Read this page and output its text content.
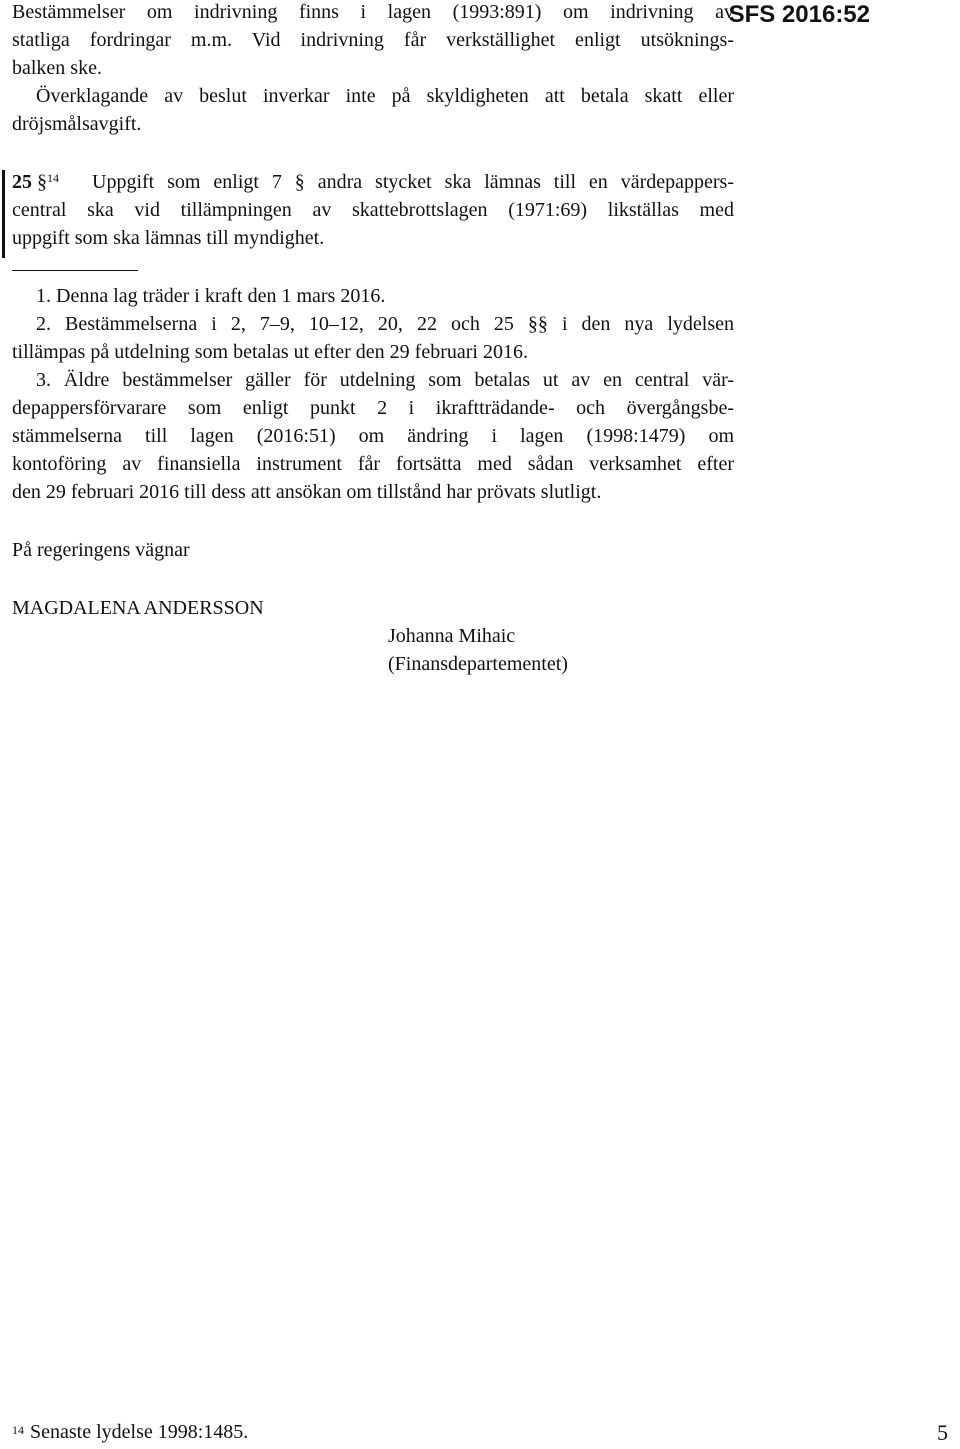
SFS 2016:52
Bestämmelser om indrivning finns i lagen (1993:891) om indrivning av
statliga fordringar m.m. Vid indrivning får verkställighet enligt utsöknings-
balken ske.
Överklagande av beslut inverkar inte på skyldigheten att betala skatt eller
dröjsmålsavgift.
25 §$^{14}$ Uppgift som enligt 7 § andra stycket ska lämnas till en värdepappers-
central ska vid tillämpningen av skattebrottslagen (1971:69) likställas med
uppgift som ska lämnas till myndighet.
1. Denna lag träder i kraft den 1 mars 2016.
2. Bestämmelserna i 2, 7–9, 10–12, 20, 22 och 25 §§ i den nya lydelsen
tillämpas på utdelning som betalas ut efter den 29 februari 2016.
3. Äldre bestämmelser gäller för utdelning som betalas ut av en central vär-
depappersförvarare som enligt punkt 2 i ikraftträdande- och övergångsbe-
stämmelserna till lagen (2016:51) om ändring i lagen (1998:1479) om
kontoföring av finansiella instrument får fortsätta med sådan verksamhet efter
den 29 februari 2016 till dess att ansökan om tillstånd har prövats slutligt.
På regeringens vägnar
MAGDALENA ANDERSSON
Johanna Mihaic
(Finansdepartementet)
$^{14}$ Senaste lydelse 1998:1485.	5
